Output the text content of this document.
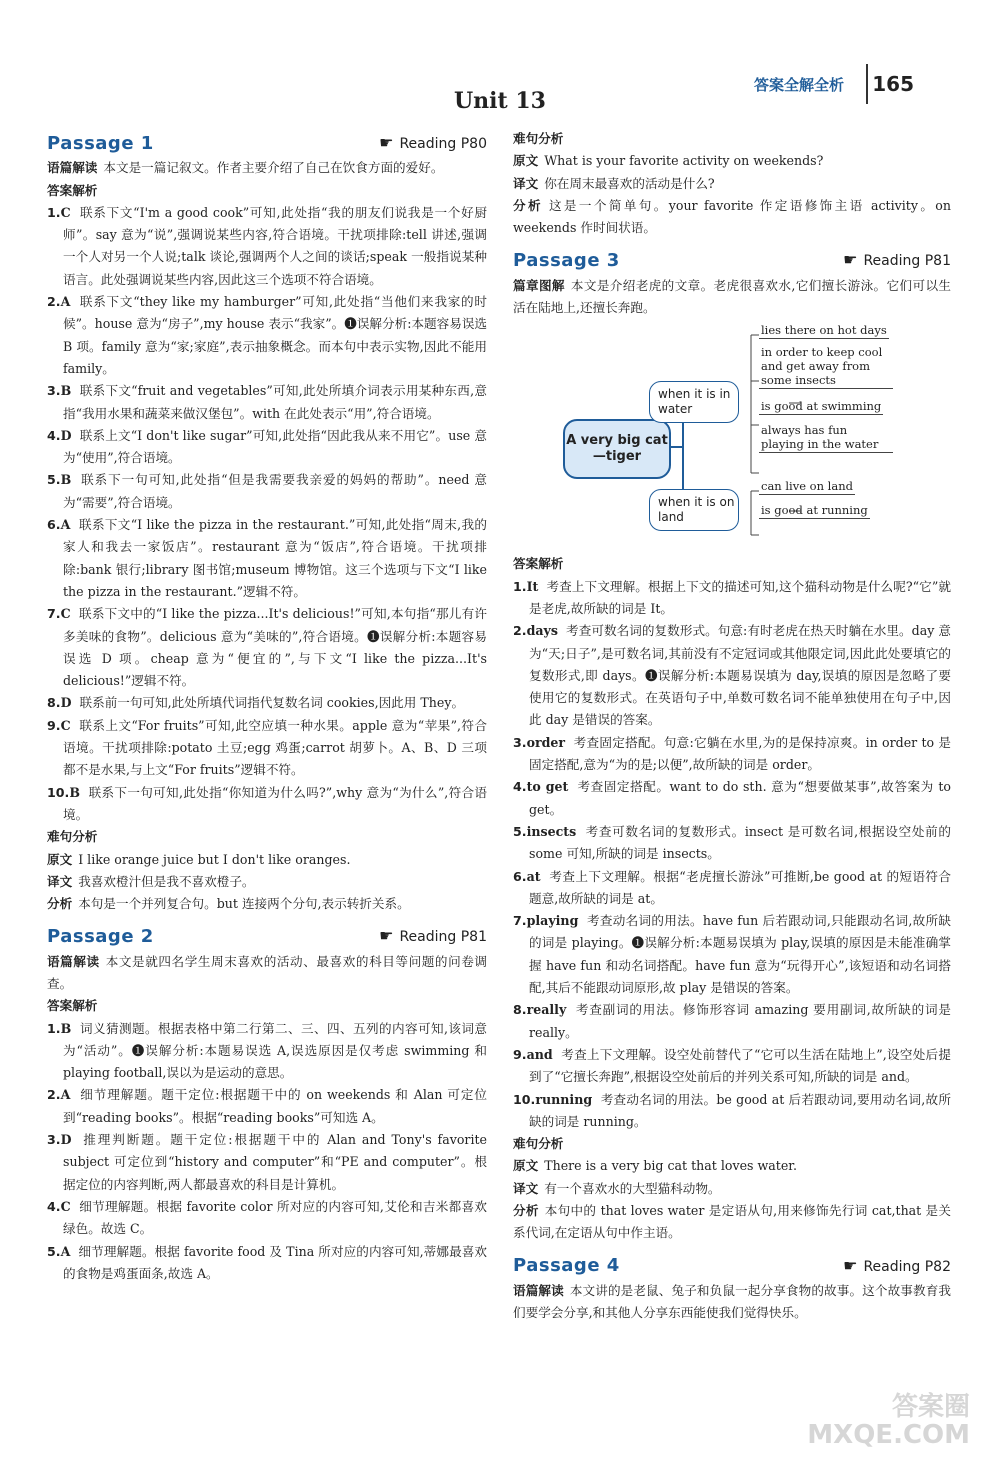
答案全解全析 165
Unit 13
Passage 1	☛ Reading P80

语篇解读 本文是一篇记叙文。作者主要介绍了自己在饮食方面的爱好。

答案解析

1.C 联系下文“I'm a good cook”可知,此处指“我的朋友们说我是一个好厨师”。say 意为“说”,强调说某些内容,符合语境。干扰项排除:tell 讲述,强调一个人对另一个人说;talk 谈论,强调两个人之间的谈话;speak 一般指说某种语言。此处强调说某些内容,因此这三个选项不符合语境。

2.A 联系下文“they like my hamburger”可知,此处指“当他们来我家的时候”。house 意为“房子”,my house 表示“我家”。❶误解分析:本题容易误选 B 项。family 意为“家;家庭”,表示抽象概念。而本句中表示实物,因此不能用 family。

3.B 联系下文“fruit and vegetables”可知,此处所填介词表示用某种东西,意指“我用水果和蔬菜来做汉堡包”。with 在此处表示“用”,符合语境。

4.D 联系上文“I don't like sugar”可知,此处指“因此我从来不用它”。use 意为“使用”,符合语境。

5.B 联系下一句可知,此处指“但是我需要我亲爱的妈妈的帮助”。need 意为“需要”,符合语境。

6.A 联系下文“I like the pizza in the restaurant.”可知,此处指“周末,我的家人和我去一家饭店”。restaurant 意为“饭店”,符合语境。干扰项排除:bank 银行;library 图书馆;museum 博物馆。这三个选项与下文“I like the pizza in the restaurant.”逻辑不符。

7.C 联系下文中的“I like the pizza...It's delicious!”可知,本句指“那儿有许多美味的食物”。delicious 意为“美味的”,符合语境。❶误解分析:本题容易误选 D 项。cheap 意为“便宜的”,与下文“I like the pizza...It's delicious!”逻辑不符。

8.D 联系前一句可知,此处所填代词指代复数名词 cookies,因此用 They。

9.C 联系上文“For fruits”可知,此空应填一种水果。apple 意为“苹果”,符合语境。干扰项排除:potato 土豆;egg 鸡蛋;carrot 胡萝卜。A、B、D 三项都不是水果,与上文“For fruits”逻辑不符。

10.B 联系下一句可知,此处指“你知道为什么吗?”,why 意为“为什么”,符合语境。

难句分析

原文 I like orange juice but I don't like oranges.

译文 我喜欢橙汁但是我不喜欢橙子。

分析 本句是一个并列复合句。but 连接两个分句,表示转折关系。

Passage 2	☛ Reading P81

语篇解读 本文是就四名学生周末喜欢的活动、最喜欢的科目等问题的问卷调查。

答案解析

1.B 词义猜测题。根据表格中第二行第二、三、四、五列的内容可知,该词意为“活动”。❶误解分析:本题易误选 A,误选原因是仅考虑 swimming 和 playing football,误以为是运动的意思。

2.A 细节理解题。题干定位:根据题干中的 on weekends 和 Alan 可定位到“reading books”。根据“reading books”可知选 A。

3.D 推理判断题。题干定位:根据题干中的 Alan and Tony's favorite subject 可定位到“history and computer”和“PE and computer”。根据定位的内容判断,两人都最喜欢的科目是计算机。

4.C 细节理解题。根据 favorite color 所对应的内容可知,艾伦和吉米都喜欢绿色。故选 C。

5.A 细节理解题。根据 favorite food 及 Tina 所对应的内容可知,蒂娜最喜欢的食物是鸡蛋面条,故选 A。

难句分析

原文 What is your favorite activity on weekends?

译文 你在周末最喜欢的活动是什么?

分析 这是一个简单句。your favorite 作定语修饰主语 activity。on weekends 作时间状语。

Passage 3	☛ Reading P81

篇章图解 本文是介绍老虎的文章。老虎很喜欢水,它们擅长游泳。它们可以生活在陆地上,还擅长奔跑。

A very big cat—tiger
when it is in water
when it is on land
lies there on hot days
in order to keep cool and get away from some insects
is good at swimming
always has fun playing in the water
can live on land
is good at running

答案解析

1.It 考查上下文理解。根据上下文的描述可知,这个猫科动物是什么呢?“它”就是老虎,故所缺的词是 It。

2.days 考查可数名词的复数形式。句意:有时老虎在热天时躺在水里。day 意为“天;日子”,是可数名词,其前没有不定冠词或其他限定词,因此此处要填它的复数形式,即 days。❶误解分析:本题易误填为 day,误填的原因是忽略了要使用它的复数形式。在英语句子中,单数可数名词不能单独使用在句子中,因此 day 是错误的答案。

3.order 考查固定搭配。句意:它躺在水里,为的是保持凉爽。in order to 是固定搭配,意为“为的是;以便”,故所缺的词是 order。

4.to get 考查固定搭配。want to do sth. 意为“想要做某事”,故答案为 to get。

5.insects 考查可数名词的复数形式。insect 是可数名词,根据设空处前的 some 可知,所缺的词是 insects。

6.at 考查上下文理解。根据“老虎擅长游泳”可推断,be good at 的短语符合题意,故所缺的词是 at。

7.playing 考查动名词的用法。have fun 后若跟动词,只能跟动名词,故所缺的词是 playing。❶误解分析:本题易误填为 play,误填的原因是未能准确掌握 have fun 和动名词搭配。have fun 意为“玩得开心”,该短语和动名词搭配,其后不能跟动词原形,故 play 是错误的答案。

8.really 考查副词的用法。修饰形容词 amazing 要用副词,故所缺的词是 really。

9.and 考查上下文理解。设空处前替代了“它可以生活在陆地上”,设空处后提到了“它擅长奔跑”,根据设空处前后的并列关系可知,所缺的词是 and。

10.running 考查动名词的用法。be good at 后若跟动词,要用动名词,故所缺的词是 running。

难句分析

原文 There is a very big cat that loves water.

译文 有一个喜欢水的大型猫科动物。

分析 本句中的 that loves water 是定语从句,用来修饰先行词 cat,that 是关系代词,在定语从句中作主语。

Passage 4	☛ Reading P82

语篇解读 本文讲的是老鼠、兔子和负鼠一起分享食物的故事。这个故事教育我们要学会分享,和其他人分享东西能使我们觉得快乐。

答案圈
MXQE.COM
